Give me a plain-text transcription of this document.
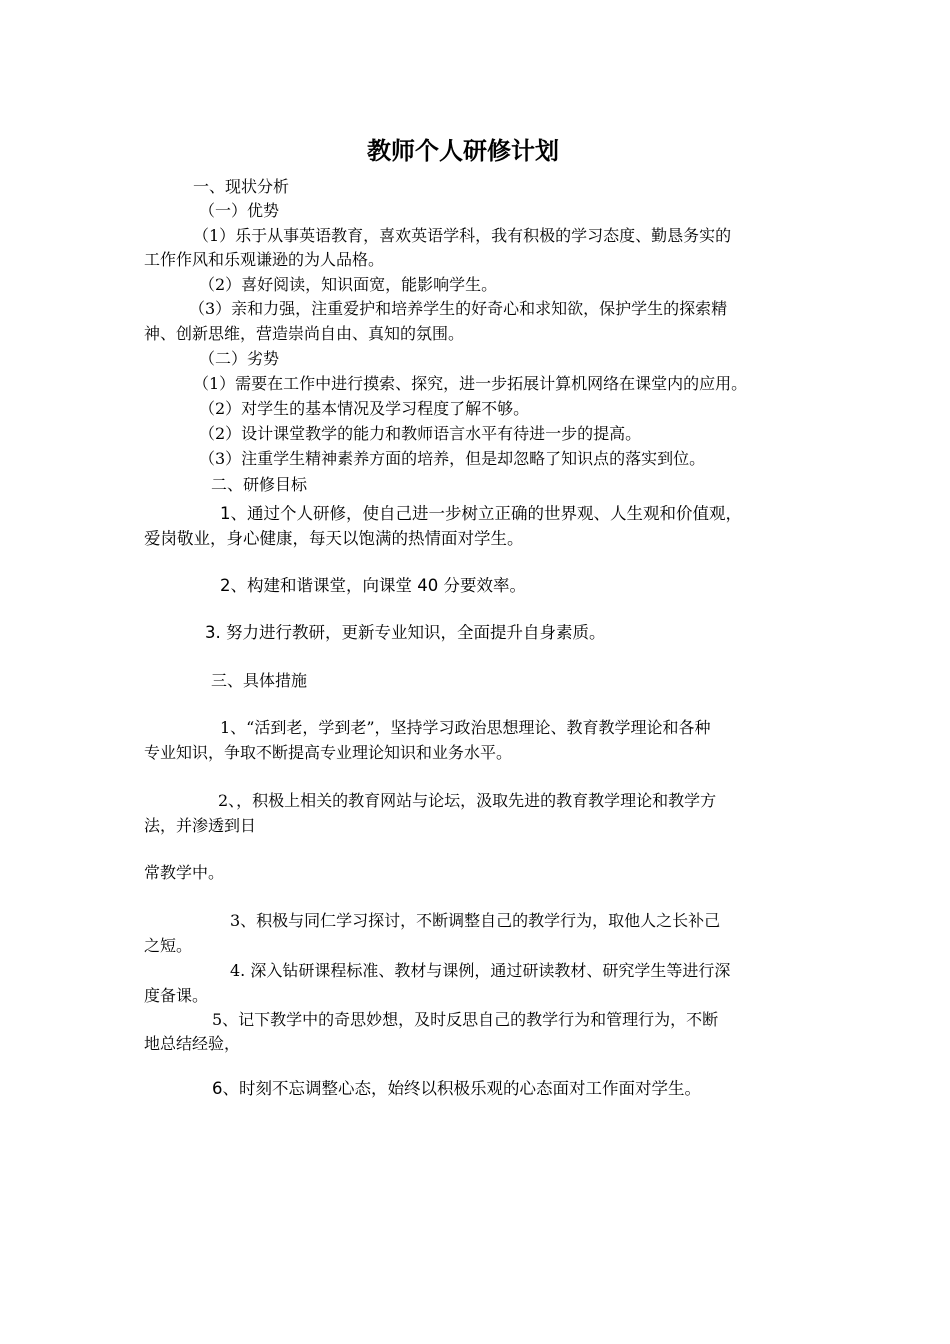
教师个人研修计划
一、现状分析
（一）优势
（1）乐于从事英语教育，喜欢英语学科，我有积极的学习态度、勤恳务实的
工作作风和乐观谦逊的为人品格。
（2）喜好阅读，知识面宽，能影响学生。
（3）亲和力强，注重爱护和培养学生的好奇心和求知欲，保护学生的探索精
神、创新思维，营造崇尚自由、真知的氛围。
（二）劣势
（1）需要在工作中进行摸索、探究，进一步拓展计算机网络在课堂内的应用。
（2）对学生的基本情况及学习程度了解不够。
（2）设计课堂教学的能力和教师语言水平有待进一步的提高。
（3）注重学生精神素养方面的培养，但是却忽略了知识点的落实到位。
二、研修目标
1、通过个人研修，使自己进一步树立正确的世界观、人生观和价值观，
爱岗敬业，身心健康，每天以饱满的热情面对学生。
2、构建和谐课堂，向课堂 40 分要效率。
3. 努力进行教研，更新专业知识，全面提升自身素质。
三、具体措施
1、“活到老，学到老”，坚持学习政治思想理论、教育教学理论和各种
专业知识，争取不断提高专业理论知识和业务水平。
2、，积极上相关的教育网站与论坛，汲取先进的教育教学理论和教学方
法，并渗透到日
常教学中。
3、积极与同仁学习探讨，不断调整自己的教学行为，取他人之长补己
之短。
4. 深入钻研课程标准、教材与课例，通过研读教材、研究学生等进行深
度备课。
5、记下教学中的奇思妙想，及时反思自己的教学行为和管理行为，不断
地总结经验，
6、时刻不忘调整心态，始终以积极乐观的心态面对工作面对学生。
